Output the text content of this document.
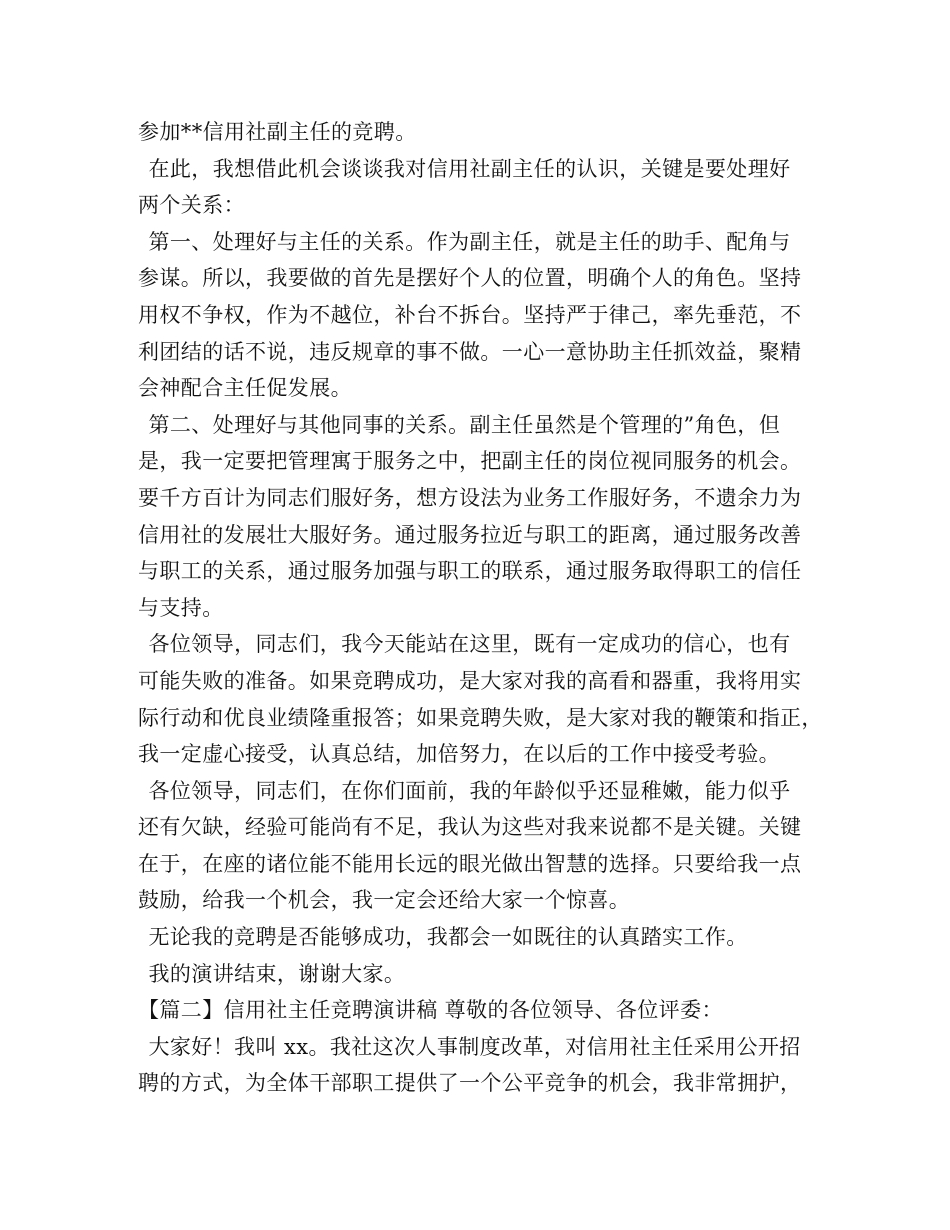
参加**信用社副主任的竞聘。

在此，我想借此机会谈谈我对信用社副主任的认识，关键是要处理好
两个关系：

第一、处理好与主任的关系。作为副主任，就是主任的助手、配角与
参谋。所以，我要做的首先是摆好个人的位置，明确个人的角色。坚持
用权不争权，作为不越位，补台不拆台。坚持严于律己，率先垂范，不
利团结的话不说，违反规章的事不做。一心一意协助主任抓效益，聚精
会神配合主任促发展。

第二、处理好与其他同事的关系。副主任虽然是个管理的”角色，但
是，我一定要把管理寓于服务之中，把副主任的岗位视同服务的机会。
要千方百计为同志们服好务，想方设法为业务工作服好务，不遗余力为
信用社的发展壮大服好务。通过服务拉近与职工的距离，通过服务改善
与职工的关系，通过服务加强与职工的联系，通过服务取得职工的信任
与支持。

各位领导，同志们，我今天能站在这里，既有一定成功的信心，也有
可能失败的准备。如果竞聘成功，是大家对我的高看和器重，我将用实
际行动和优良业绩隆重报答；如果竞聘失败，是大家对我的鞭策和指正，
我一定虚心接受，认真总结，加倍努力，在以后的工作中接受考验。

各位领导，同志们，在你们面前，我的年龄似乎还显稚嫩，能力似乎
还有欠缺，经验可能尚有不足，我认为这些对我来说都不是关键。关键
在于，在座的诸位能不能用长远的眼光做出智慧的选择。只要给我一点
鼓励，给我一个机会，我一定会还给大家一个惊喜。

无论我的竞聘是否能够成功，我都会一如既往的认真踏实工作。

我的演讲结束，谢谢大家。

【篇二】信用社主任竞聘演讲稿 尊敬的各位领导、各位评委：

大家好！我叫 xx。我社这次人事制度改革，对信用社主任采用公开招
聘的方式，为全体干部职工提供了一个公平竞争的机会，我非常拥护，
